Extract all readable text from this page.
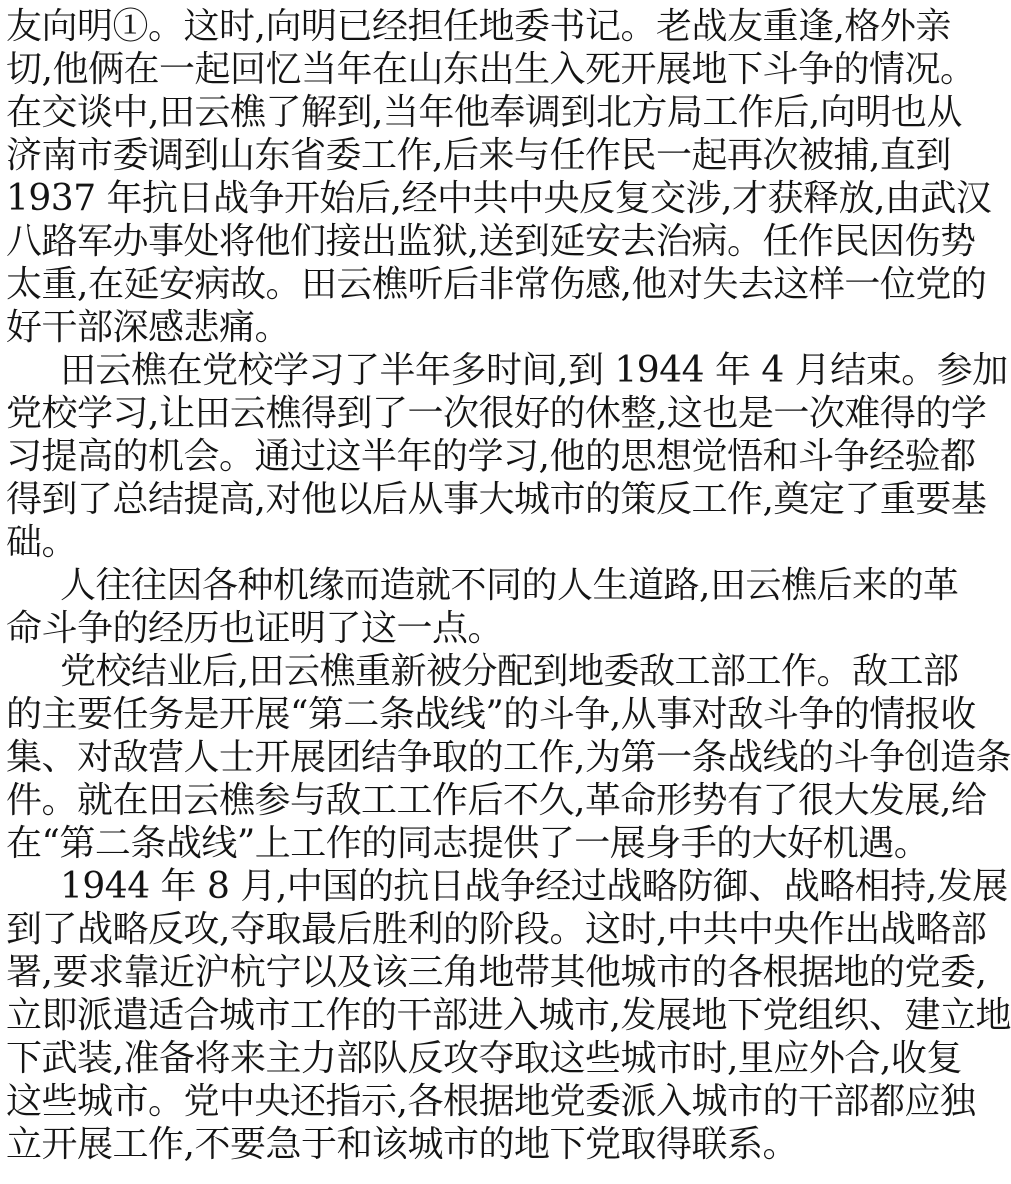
友向明①。这时,向明已经担任地委书记。老战友重逢,格外亲
切,他俩在一起回忆当年在山东出生入死开展地下斗争的情况。
在交谈中,田云樵了解到,当年他奉调到北方局工作后,向明也从
济南市委调到山东省委工作,后来与任作民一起再次被捕,直到
1937 年抗日战争开始后,经中共中央反复交涉,才获释放,由武汉
八路军办事处将他们接出监狱,送到延安去治病。任作民因伤势
太重,在延安病故。田云樵听后非常伤感,他对失去这样一位党的
好干部深感悲痛。
田云樵在党校学习了半年多时间,到 1944 年 4 月结束。参加
党校学习,让田云樵得到了一次很好的休整,这也是一次难得的学
习提高的机会。通过这半年的学习,他的思想觉悟和斗争经验都
得到了总结提高,对他以后从事大城市的策反工作,奠定了重要基
础。
人往往因各种机缘而造就不同的人生道路,田云樵后来的革
命斗争的经历也证明了这一点。
党校结业后,田云樵重新被分配到地委敌工部工作。敌工部
的主要任务是开展“第二条战线”的斗争,从事对敌斗争的情报收
集、对敌营人士开展团结争取的工作,为第一条战线的斗争创造条
件。就在田云樵参与敌工工作后不久,革命形势有了很大发展,给
在“第二条战线”上工作的同志提供了一展身手的大好机遇。
1944 年 8 月,中国的抗日战争经过战略防御、战略相持,发展
到了战略反攻,夺取最后胜利的阶段。这时,中共中央作出战略部
署,要求靠近沪杭宁以及该三角地带其他城市的各根据地的党委,
立即派遣适合城市工作的干部进入城市,发展地下党组织、建立地
下武装,准备将来主力部队反攻夺取这些城市时,里应外合,收复
这些城市。党中央还指示,各根据地党委派入城市的干部都应独
立开展工作,不要急于和该城市的地下党取得联系。
